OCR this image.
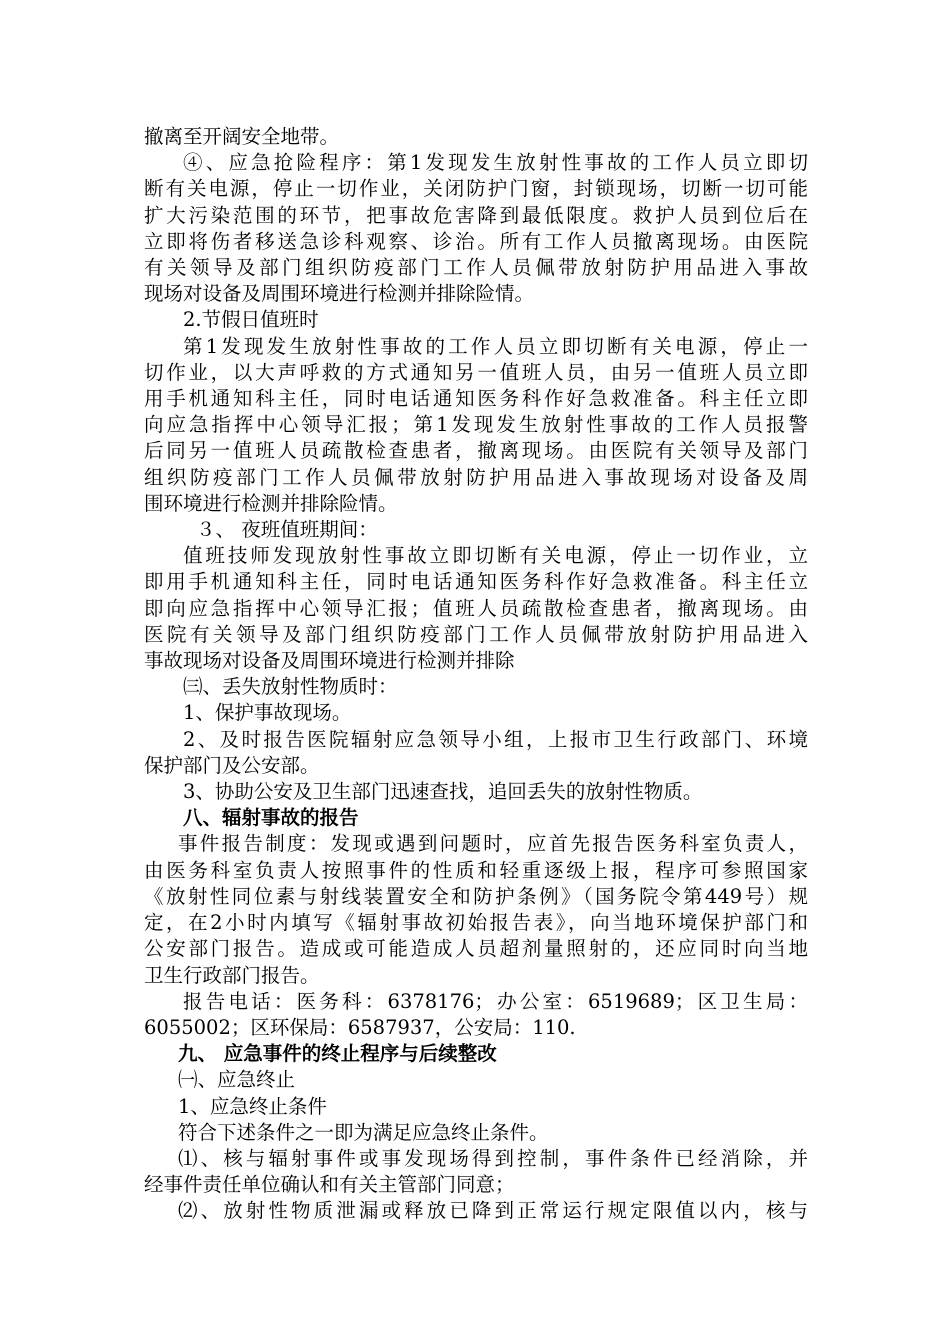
撤离至开阔安全地带。

④、应急抢险程序：第1发现发生放射性事故的工作人员立即切

断有关电源，停止一切作业，关闭防护门窗，封锁现场，切断一切可能

扩大污染范围的环节，把事故危害降到最低限度。救护人员到位后在

立即将伤者移送急诊科观察、诊治。所有工作人员撤离现场。由医院

有关领导及部门组织防疫部门工作人员佩带放射防护用品进入事故

现场对设备及周围环境进行检测并排除险情。

2.节假日值班时

第1发现发生放射性事故的工作人员立即切断有关电源，停止一

切作业，以大声呼救的方式通知另一值班人员，由另一值班人员立即

用手机通知科主任，同时电话通知医务科作好急救准备。科主任立即

向应急指挥中心领导汇报；第1发现发生放射性事故的工作人员报警

后同另一值班人员疏散检查患者，撤离现场。由医院有关领导及部门

组织防疫部门工作人员佩带放射防护用品进入事故现场对设备及周

围环境进行检测并排除险情。

３、 夜班值班期间：

值班技师发现放射性事故立即切断有关电源，停止一切作业，立

即用手机通知科主任，同时电话通知医务科作好急救准备。科主任立

即向应急指挥中心领导汇报；值班人员疏散检查患者，撤离现场。由

医院有关领导及部门组织防疫部门工作人员佩带放射防护用品进入

事故现场对设备及周围环境进行检测并排除

㈢、丢失放射性物质时：

1、保护事故现场。

2、及时报告医院辐射应急领导小组，上报市卫生行政部门、环境

保护部门及公安部。

3、协助公安及卫生部门迅速查找，追回丢失的放射性物质。

八、辐射事故的报告

事件报告制度：发现或遇到问题时，应首先报告医务科室负责人，

由医务科室负责人按照事件的性质和轻重逐级上报，程序可参照国家

《放射性同位素与射线装置安全和防护条例》（国务院令第449号）规

定，在2小时内填写《辐射事故初始报告表》，向当地环境保护部门和

公安部门报告。造成或可能造成人员超剂量照射的，还应同时向当地

卫生行政部门报告。

报告电话：医务科：6378176；办公室：6519689；区卫生局：

6055002；区环保局：6587937，公安局：110.

九、 应急事件的终止程序与后续整改

㈠、应急终止

1、应急终止条件

符合下述条件之一即为满足应急终止条件。

⑴、核与辐射事件或事发现场得到控制，事件条件已经消除，并

经事件责任单位确认和有关主管部门同意；

⑵、放射性物质泄漏或释放已降到正常运行规定限值以内，核与
